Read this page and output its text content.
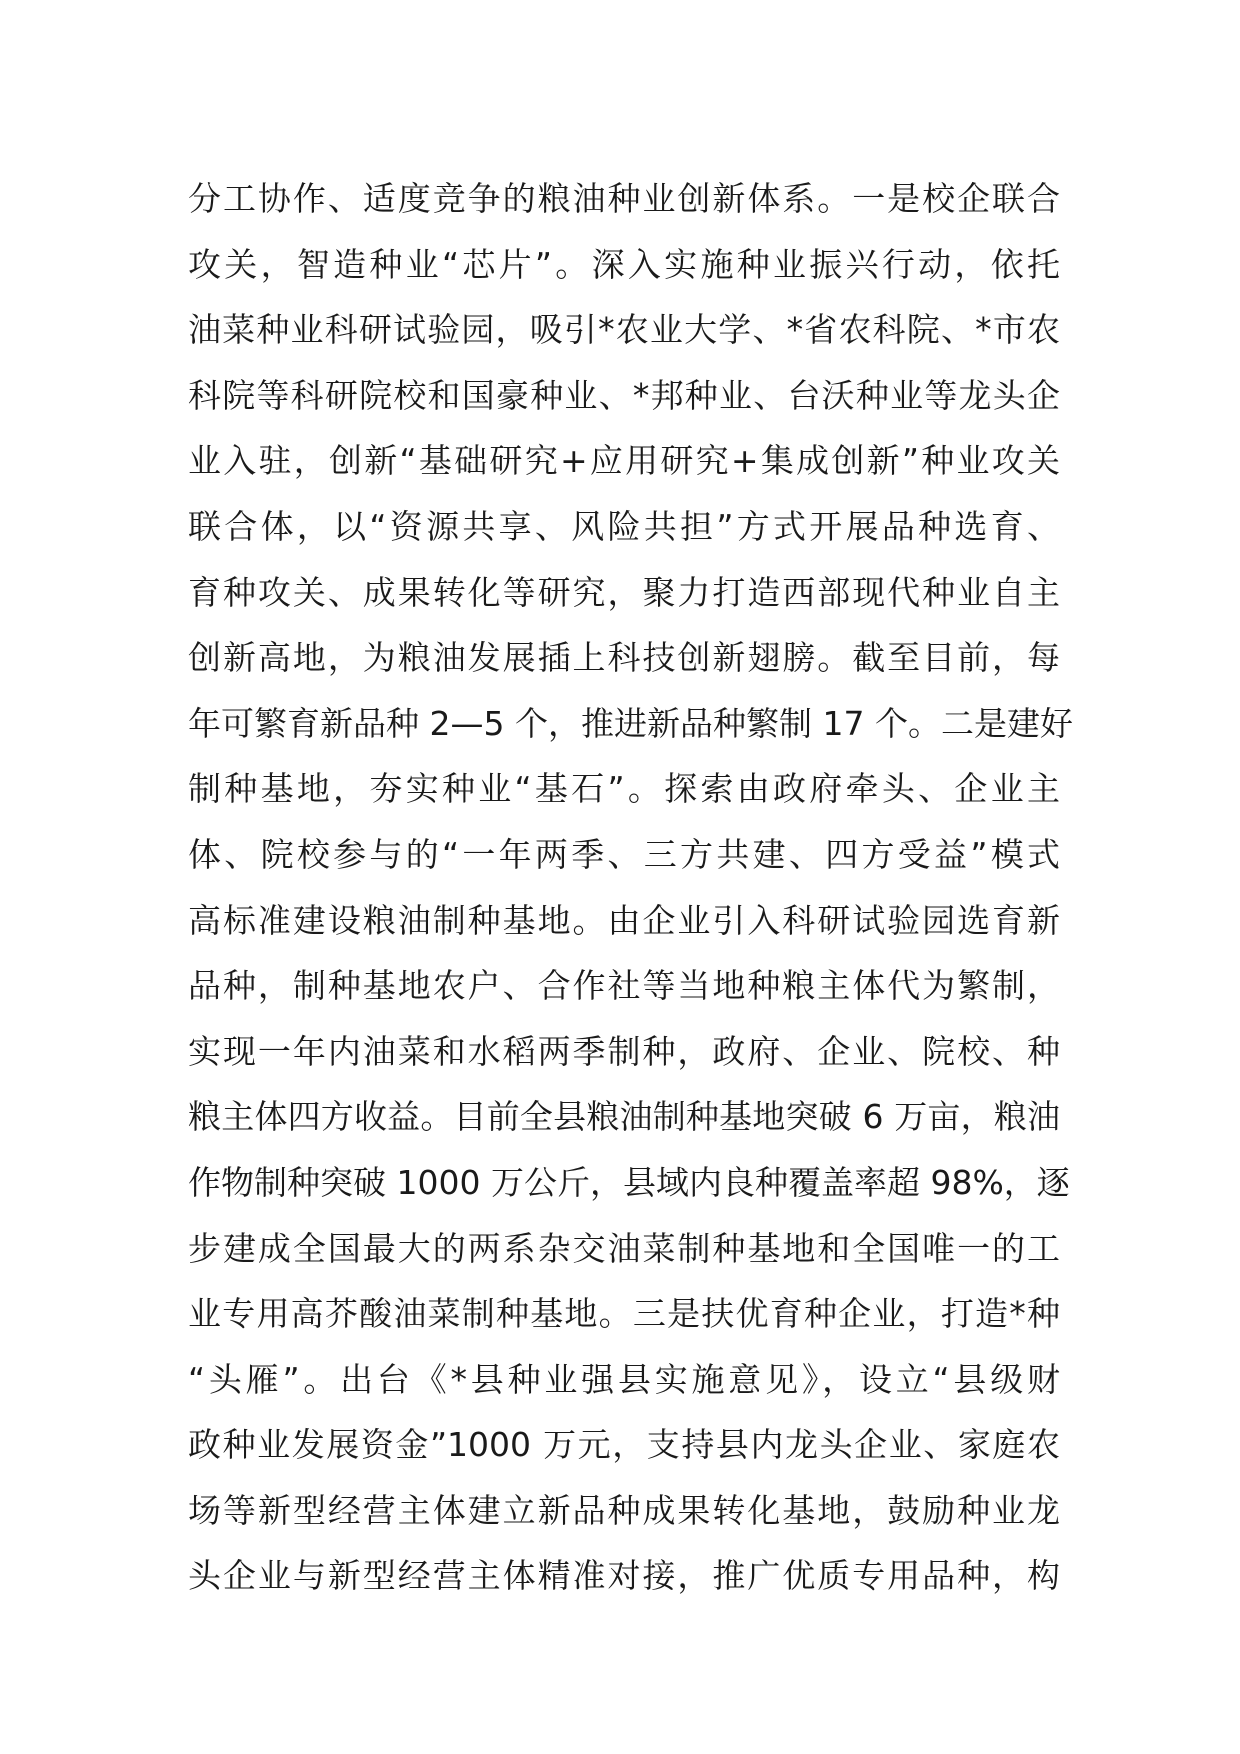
分工协作、适度竞争的粮油种业创新体系。一是校企联合
攻关，智造种业“芯片”。深入实施种业振兴行动，依托
油菜种业科研试验园，吸引*农业大学、*省农科院、*市农
科院等科研院校和国豪种业、*邦种业、台沃种业等龙头企
业入驻，创新“基础研究+应用研究+集成创新”种业攻关
联合体，以“资源共享、风险共担”方式开展品种选育、
育种攻关、成果转化等研究，聚力打造西部现代种业自主
创新高地，为粮油发展插上科技创新翅膀。截至目前，每
年可繁育新品种 2—5 个，推进新品种繁制 17 个。二是建好
制种基地，夯实种业“基石”。探索由政府牵头、企业主
体、院校参与的“一年两季、三方共建、四方受益”模式
高标准建设粮油制种基地。由企业引入科研试验园选育新
品种，制种基地农户、合作社等当地种粮主体代为繁制，
实现一年内油菜和水稻两季制种，政府、企业、院校、种
粮主体四方收益。目前全县粮油制种基地突破 6 万亩，粮油
作物制种突破 1000 万公斤，县域内良种覆盖率超 98%，逐
步建成全国最大的两系杂交油菜制种基地和全国唯一的工
业专用高芥酸油菜制种基地。三是扶优育种企业，打造*种
“头雁”。出台《*县种业强县实施意见》，设立“县级财
政种业发展资金”1000 万元，支持县内龙头企业、家庭农
场等新型经营主体建立新品种成果转化基地，鼓励种业龙
头企业与新型经营主体精准对接，推广优质专用品种，构
